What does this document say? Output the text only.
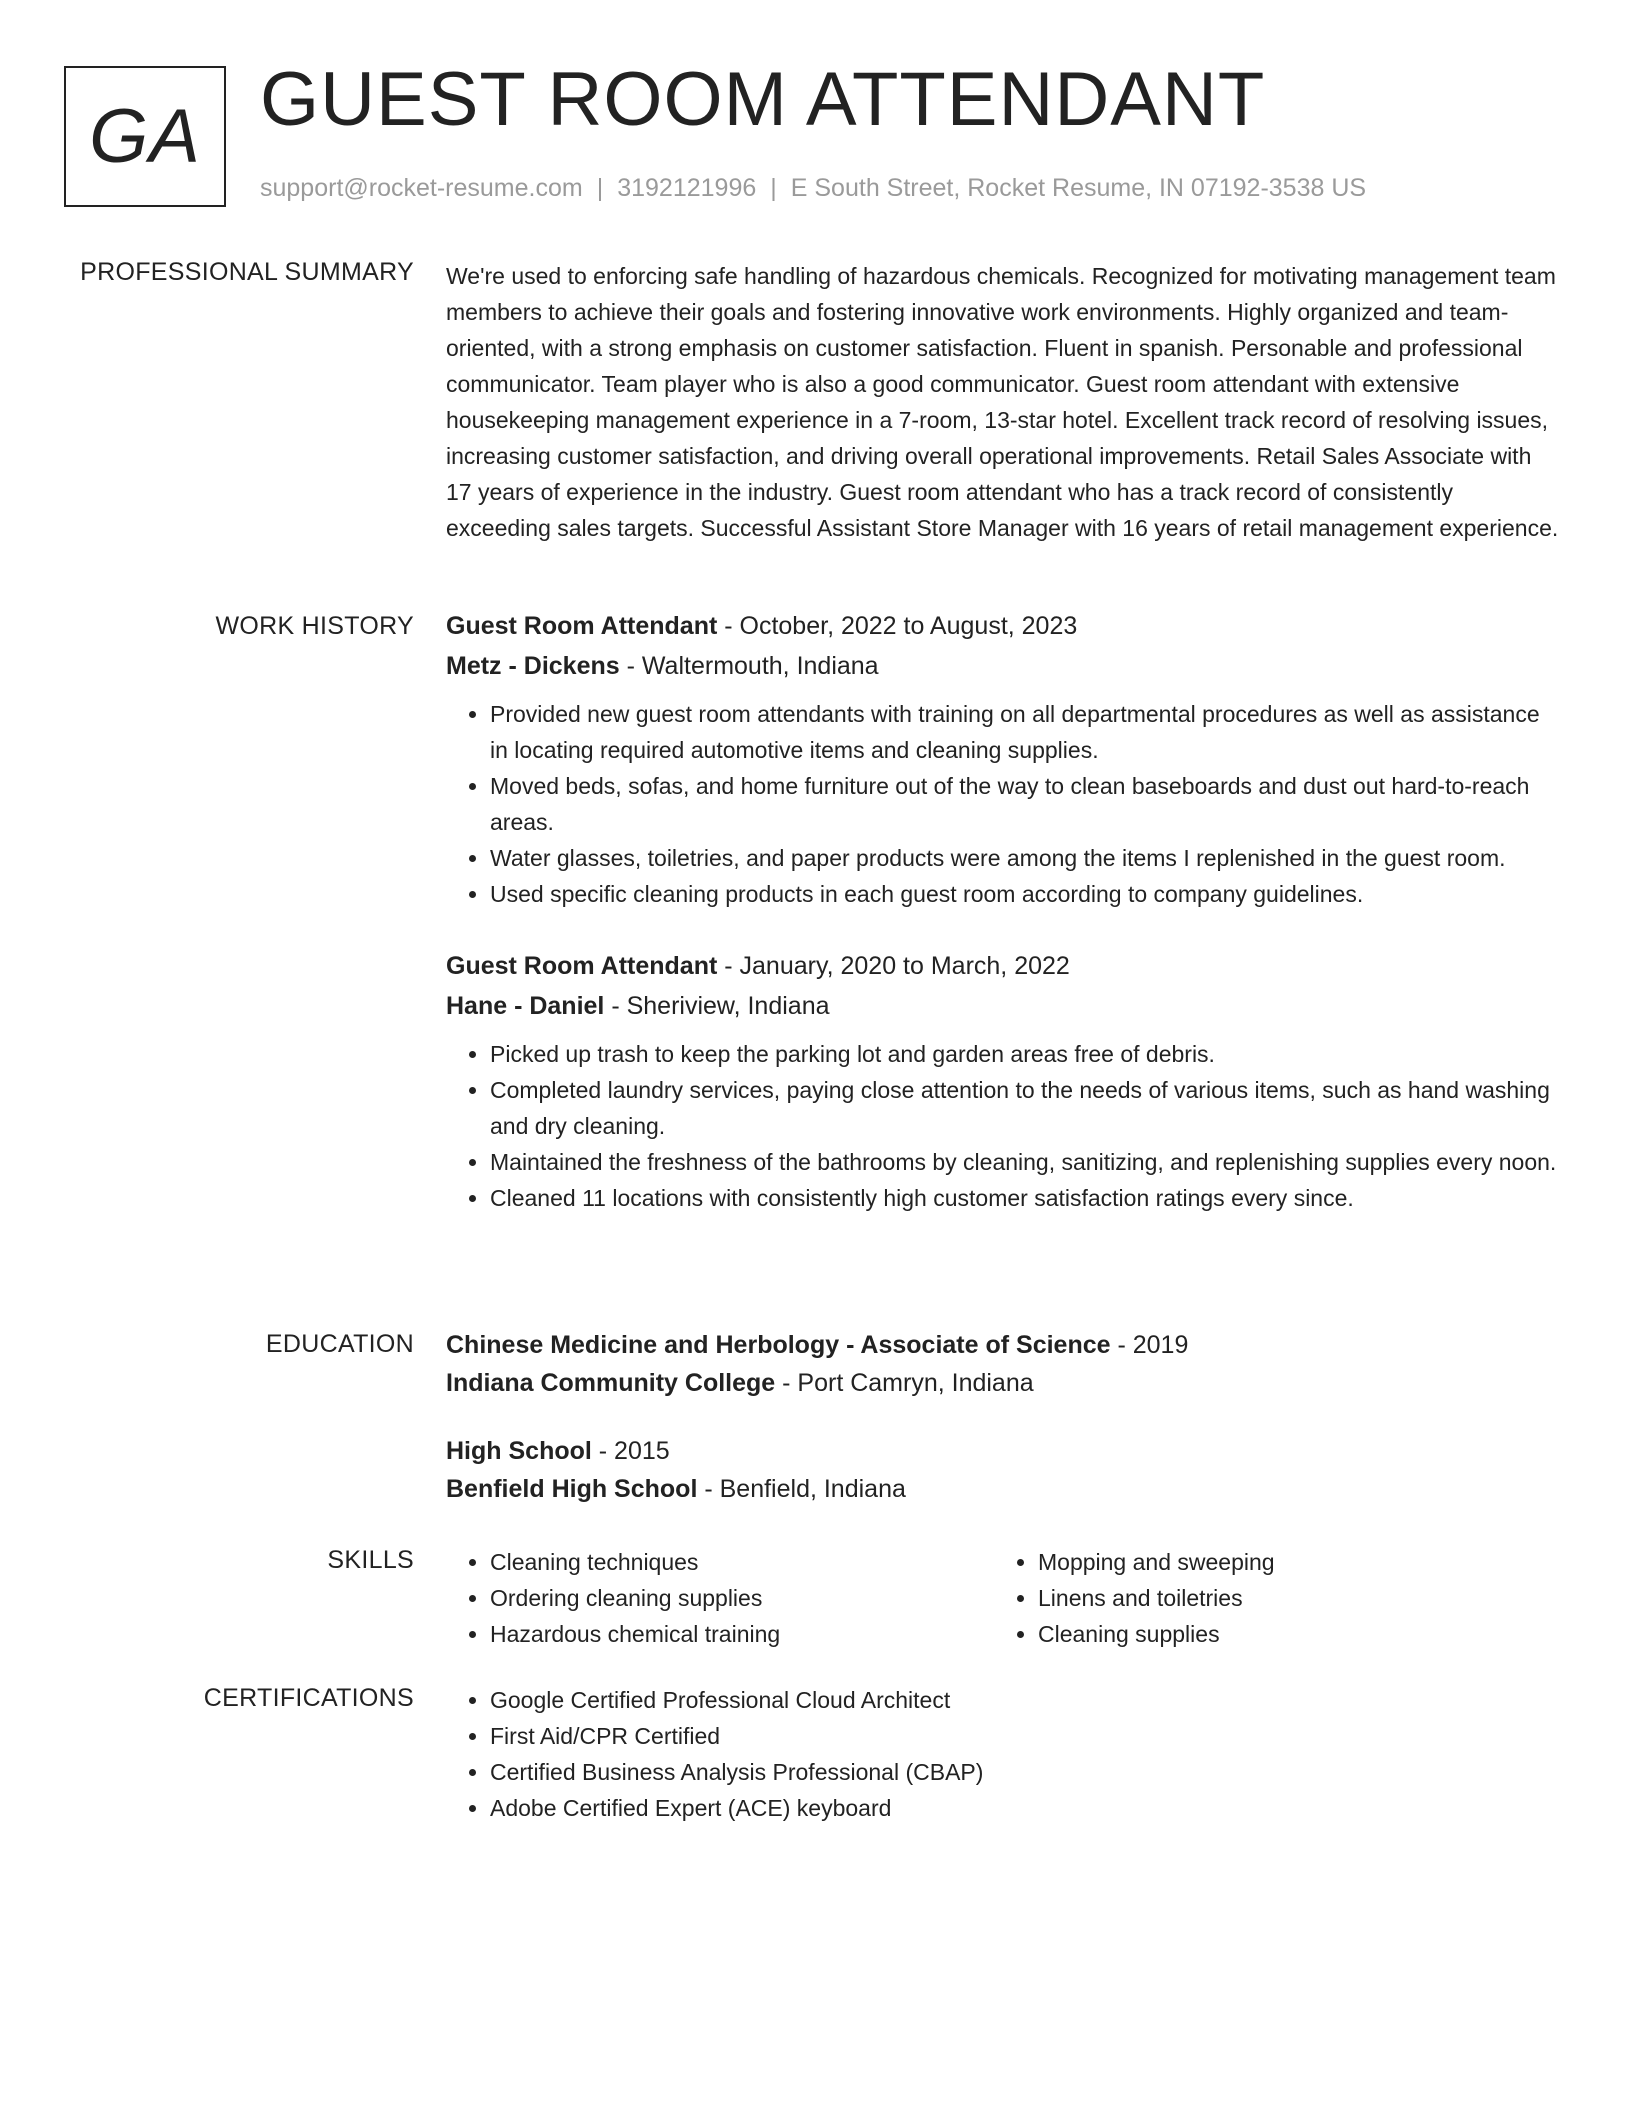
GA GUEST ROOM ATTENDANT
support@rocket-resume.com | 3192121996 | E South Street, Rocket Resume, IN 07192-3538 US
PROFESSIONAL SUMMARY We're used to enforcing safe handling of hazardous chemicals. Recognized for motivating management team members to achieve their goals and fostering innovative work environments. Highly organized and team-oriented, with a strong emphasis on customer satisfaction. Fluent in spanish. Personable and professional communicator. Team player who is also a good communicator. Guest room attendant with extensive housekeeping management experience in a 7-room, 13-star hotel. Excellent track record of resolving issues, increasing customer satisfaction, and driving overall operational improvements. Retail Sales Associate with 17 years of experience in the industry. Guest room attendant who has a track record of consistently exceeding sales targets. Successful Assistant Store Manager with 16 years of retail management experience.

WORK HISTORY Guest Room Attendant - October, 2022 to August, 2023
Metz - Dickens - Waltermouth, Indiana
• Provided new guest room attendants with training on all departmental procedures as well as assistance in locating required automotive items and cleaning supplies.
• Moved beds, sofas, and home furniture out of the way to clean baseboards and dust out hard-to-reach areas.
• Water glasses, toiletries, and paper products were among the items I replenished in the guest room.
• Used specific cleaning products in each guest room according to company guidelines.
Guest Room Attendant - January, 2020 to March, 2022
Hane - Daniel - Sheriview, Indiana
• Picked up trash to keep the parking lot and garden areas free of debris.
• Completed laundry services, paying close attention to the needs of various items, such as hand washing and dry cleaning.
• Maintained the freshness of the bathrooms by cleaning, sanitizing, and replenishing supplies every noon.
• Cleaned 11 locations with consistently high customer satisfaction ratings every since.
EDUCATION Chinese Medicine and Herbology - Associate of Science - 2019
Indiana Community College - Port Camryn, Indiana
High School - 2015
Benfield High School - Benfield, Indiana
SKILLS	• Cleaning techniques
• Ordering cleaning supplies
• Hazardous chemical training
• Mopping and sweeping
• Linens and toiletries
• Cleaning supplies
CERTIFICATIONS	• Google Certified Professional Cloud Architect
• First Aid/CPR Certified
• Certified Business Analysis Professional (CBAP)
• Adobe Certified Expert (ACE) keyboard
